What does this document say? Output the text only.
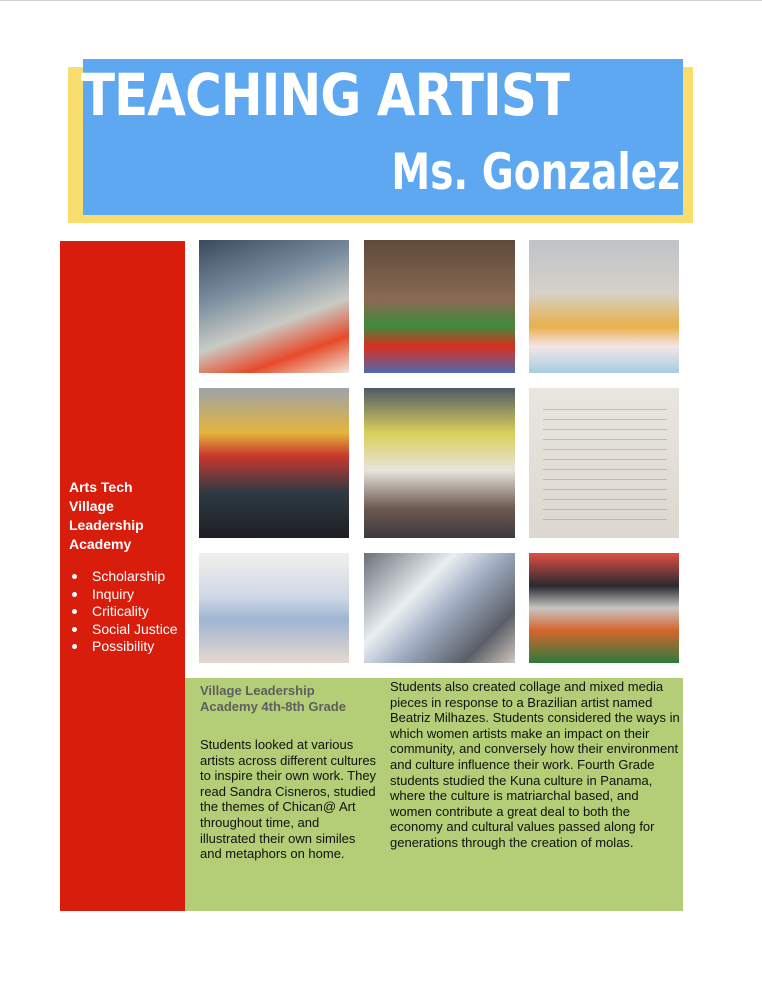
TEACHING ARTIST
Ms. Gonzalez

Arts Tech Village Leadership Academy

Scholarship
Inquiry
Criticality
Social Justice
Possibility

Village Leadership Academy 4th-8th Grade

Students looked at various artists across different cultures to inspire their own work. They read Sandra Cisneros, studied the themes of Chican@ Art throughout time, and illustrated their own similes and metaphors on home.

Students also created collage and mixed media pieces in response to a Brazilian artist named Beatriz Milhazes. Students considered the ways in which women artists make an impact on their community, and conversely how their environment and culture influence their work. Fourth Grade students studied the Kuna culture in Panama, where the culture is matriarchal based, and women contribute a great deal to both the economy and cultural values passed along for generations through the creation of molas.
